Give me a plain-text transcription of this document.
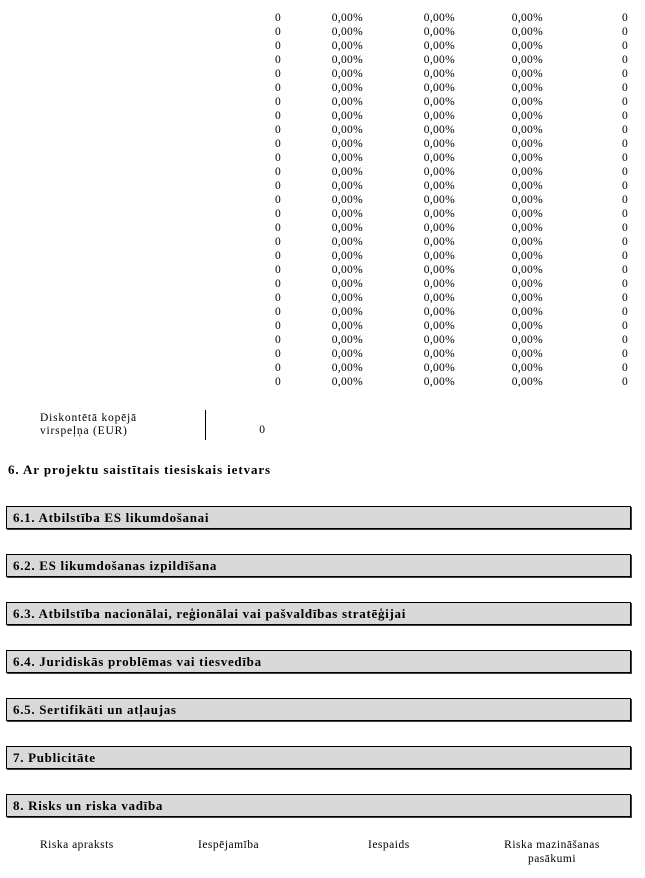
0	0,00%	0,00%	0,00%	0
0	0,00%	0,00%	0,00%	0
0	0,00%	0,00%	0,00%	0
0	0,00%	0,00%	0,00%	0
0	0,00%	0,00%	0,00%	0
0	0,00%	0,00%	0,00%	0
0	0,00%	0,00%	0,00%	0
0	0,00%	0,00%	0,00%	0
0	0,00%	0,00%	0,00%	0
0	0,00%	0,00%	0,00%	0
0	0,00%	0,00%	0,00%	0
0	0,00%	0,00%	0,00%	0
0	0,00%	0,00%	0,00%	0
0	0,00%	0,00%	0,00%	0
0	0,00%	0,00%	0,00%	0
0	0,00%	0,00%	0,00%	0
0	0,00%	0,00%	0,00%	0
0	0,00%	0,00%	0,00%	0
0	0,00%	0,00%	0,00%	0
0	0,00%	0,00%	0,00%	0
0	0,00%	0,00%	0,00%	0
0	0,00%	0,00%	0,00%	0
0	0,00%	0,00%	0,00%	0
0	0,00%	0,00%	0,00%	0
0	0,00%	0,00%	0,00%	0
0	0,00%	0,00%	0,00%	0
0	0,00%	0,00%	0,00%	0
Diskontētā kopējā
virspeļņa (EUR)	0
6. Ar projektu saistītais tiesiskais ietvars
6.1. Atbilstība ES likumdošanai
6.2. ES likumdošanas izpildīšana
6.3. Atbilstība nacionālai, reģionālai vai pašvaldības stratēģijai
6.4. Juridiskās problēmas vai tiesvedība
6.5. Sertifikāti un atļaujas
7. Publicitāte
8. Risks un riska vadība
Riska apraksts	Iespējamība	Iespaids	Riska mazināšanas pasākumi
